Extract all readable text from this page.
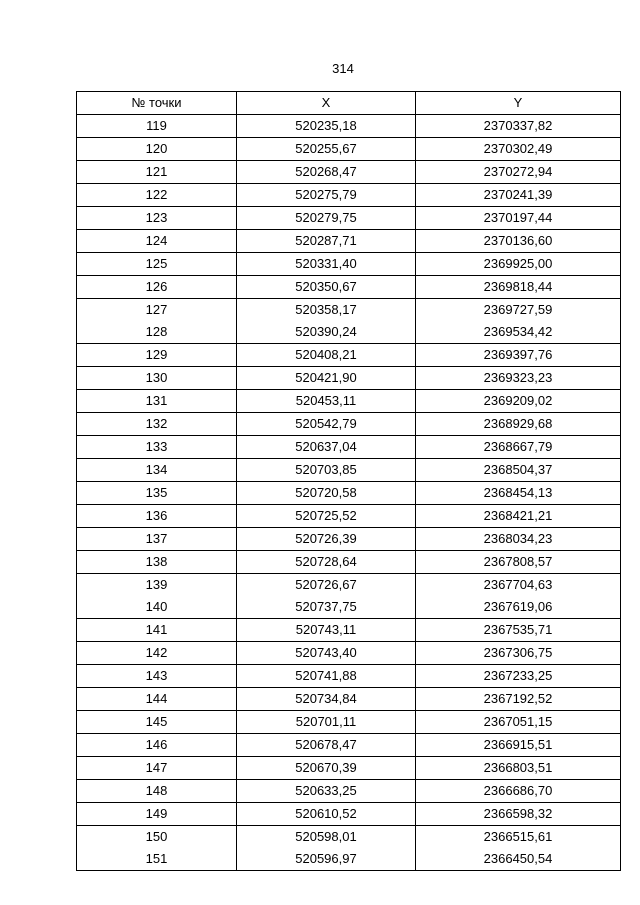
314
№ точки	X	Y
119	520235,18	2370337,82
120	520255,67	2370302,49
121	520268,47	2370272,94
122	520275,79	2370241,39
123	520279,75	2370197,44
124	520287,71	2370136,60
125	520331,40	2369925,00
126	520350,67	2369818,44
127	520358,17	2369727,59
128	520390,24	2369534,42
129	520408,21	2369397,76
130	520421,90	2369323,23
131	520453,11	2369209,02
132	520542,79	2368929,68
133	520637,04	2368667,79
134	520703,85	2368504,37
135	520720,58	2368454,13
136	520725,52	2368421,21
137	520726,39	2368034,23
138	520728,64	2367808,57
139	520726,67	2367704,63
140	520737,75	2367619,06
141	520743,11	2367535,71
142	520743,40	2367306,75
143	520741,88	2367233,25
144	520734,84	2367192,52
145	520701,11	2367051,15
146	520678,47	2366915,51
147	520670,39	2366803,51
148	520633,25	2366686,70
149	520610,52	2366598,32
150	520598,01	2366515,61
151	520596,97	2366450,54
